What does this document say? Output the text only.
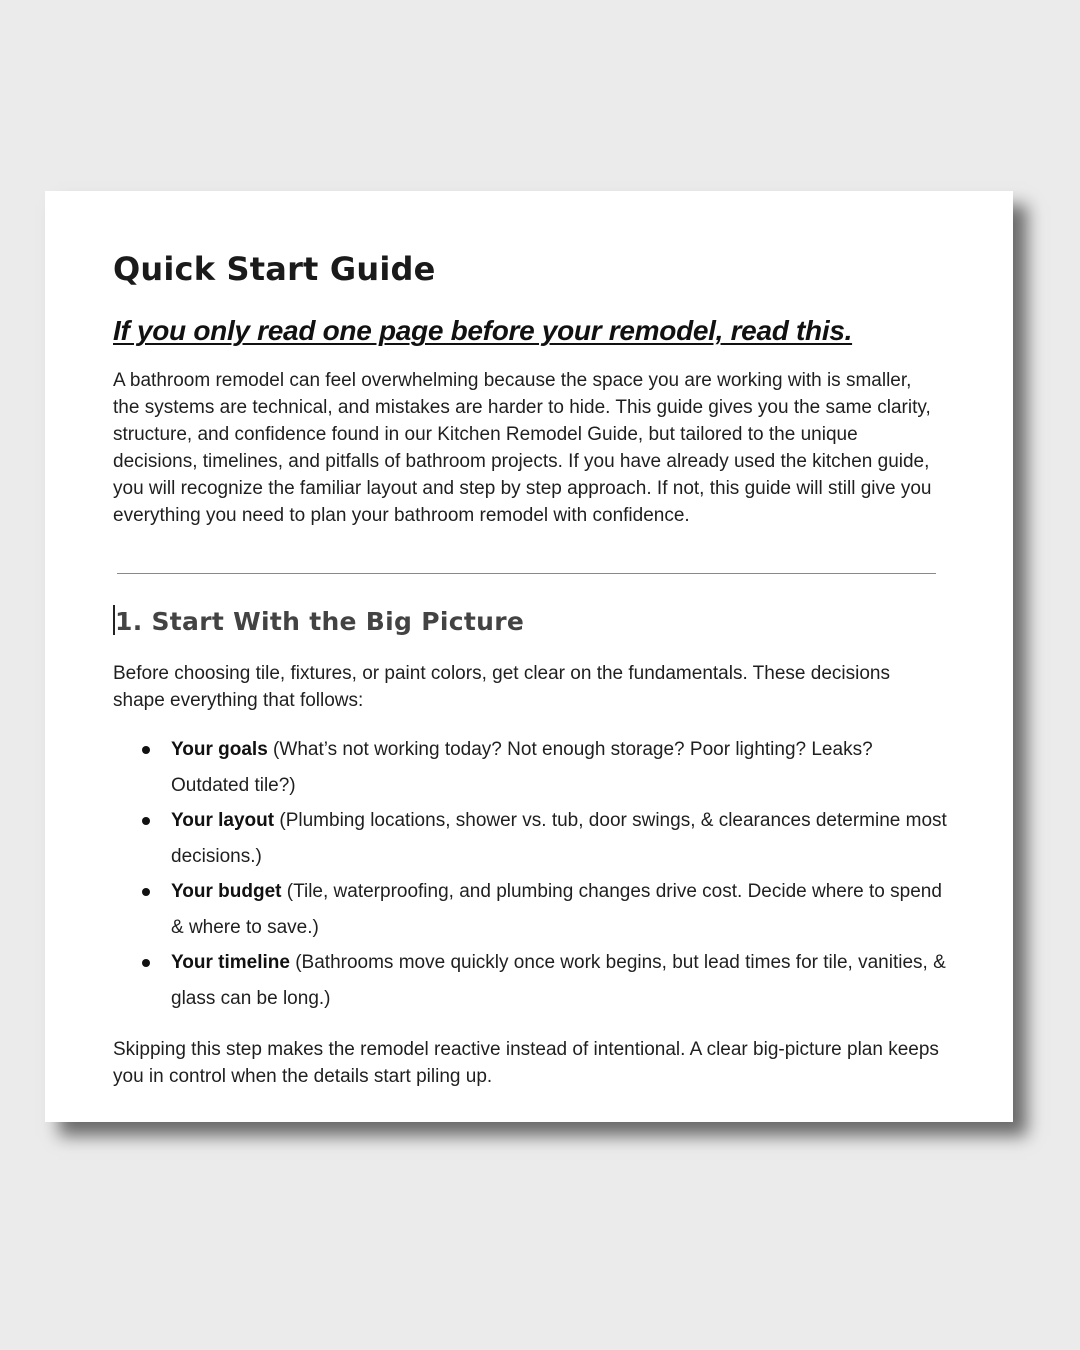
Quick Start Guide
If you only read one page before your remodel, read this.

A bathroom remodel can feel overwhelming because the space you are working with is smaller, the systems are technical, and mistakes are harder to hide. This guide gives you the same clarity, structure, and confidence found in our Kitchen Remodel Guide, but tailored to the unique decisions, timelines, and pitfalls of bathroom projects. If you have already used the kitchen guide, you will recognize the familiar layout and step by step approach. If not, this guide will still give you everything you need to plan your bathroom remodel with confidence.

1. Start With the Big Picture

Before choosing tile, fixtures, or paint colors, get clear on the fundamentals. These decisions shape everything that follows:

Your goals (What’s not working today? Not enough storage? Poor lighting? Leaks? Outdated tile?)
Your layout (Plumbing locations, shower vs. tub, door swings, & clearances determine most decisions.)
Your budget (Tile, waterproofing, and plumbing changes drive cost. Decide where to spend & where to save.)
Your timeline (Bathrooms move quickly once work begins, but lead times for tile, vanities, & glass can be long.)

Skipping this step makes the remodel reactive instead of intentional. A clear big-picture plan keeps you in control when the details start piling up.
